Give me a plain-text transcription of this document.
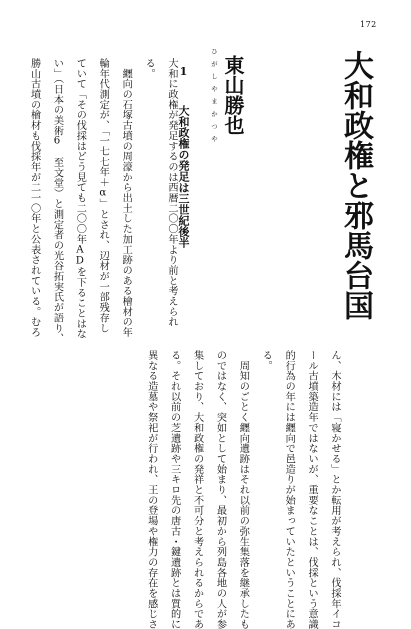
172
大和政権と邪馬台国
ひがしやまかつや 東山勝也
1 大和政権の発足は三世紀後半
大和に政権が発足するのは西暦二〇〇年より前と考えられ
る。
　纒向の石塚古墳の周濠から出土した加工跡のある檜材の年
輪年代測定が、「一七七年＋α」とされ、辺材が一部残存し
ていて「その伐採はどう見ても二〇〇年ADを下ることはな
い」（日本の美術6　至文堂）と測定者の光谷拓実氏が語り、
勝山古墳の檜材も伐採年が二一〇年と公表されている。むろ
ん、木材には「寝かせる」とか転用が考えられ、伐採年イコ
ール古墳築造年ではないが、重要なことは、伐採という意識
的行為の年には纒向で邑造りが始まっていたということにあ
る。
　周知のごとく纒向遺跡はそれ以前の弥生集落を継承したも
のではなく、突如として始まり、最初から列島各地の人が参
集しており、大和政権の発祥と不可分と考えられるからであ
る。それ以前の芝遺跡や三キロ先の唐古・鍵遺跡とは質的に
異なる造墓や祭祀が行われ、王の登場や権力の存在を感じさ
